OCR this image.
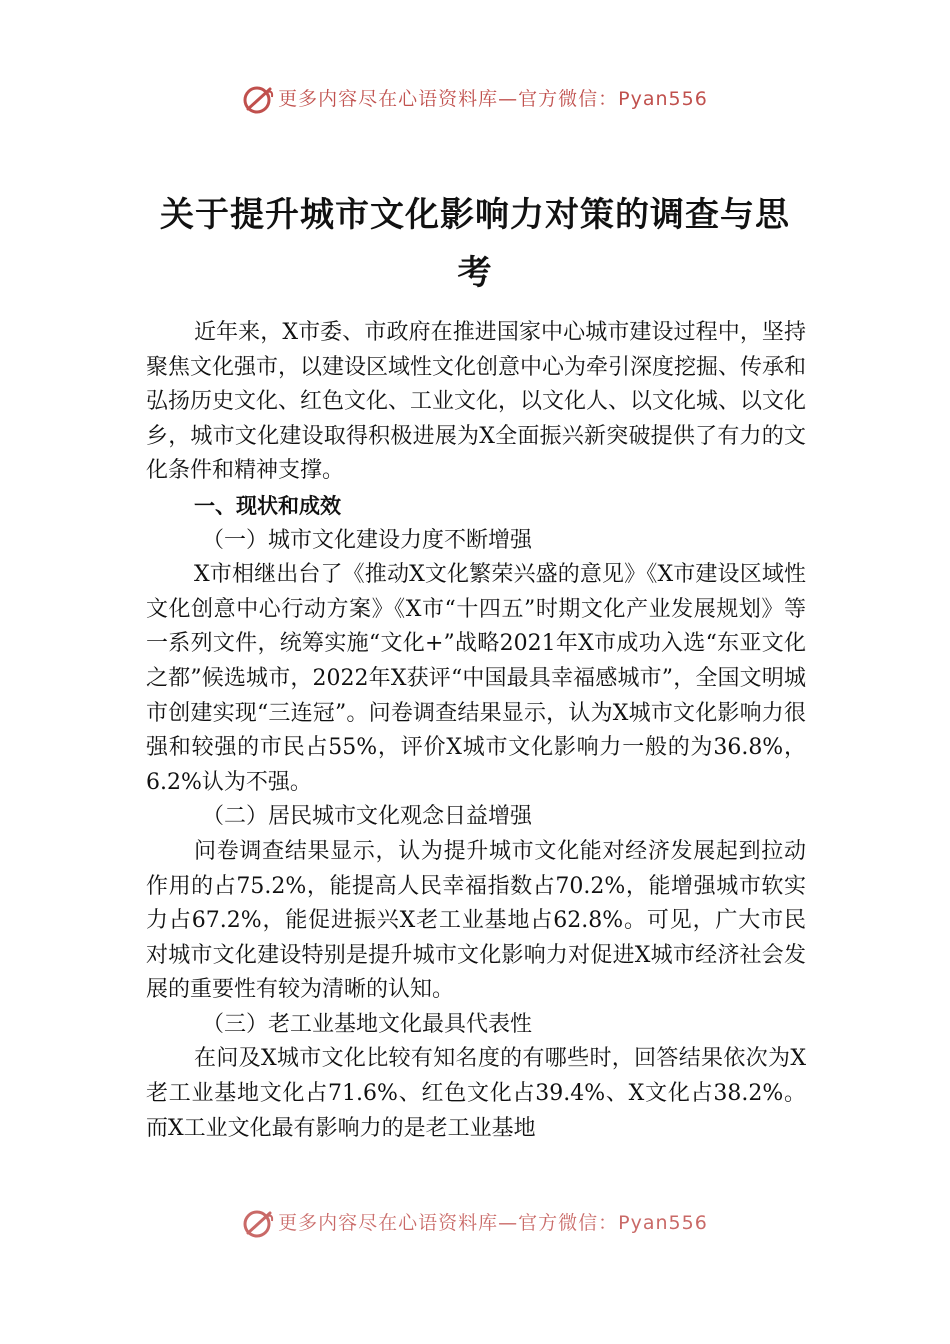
更多内容尽在心语资料库—官方微信：Pyan556
关于提升城市文化影响力对策的调查与思考

近年来，X市委、市政府在推进国家中心城市建设过程中，坚持聚焦文化强市，以建设区域性文化创意中心为牵引深度挖掘、传承和弘扬历史文化、红色文化、工业文化，以文化人、以文化城、以文化乡，城市文化建设取得积极进展为X全面振兴新突破提供了有力的文化条件和精神支撑。

一、现状和成效

（一）城市文化建设力度不断增强

X市相继出台了《推动X文化繁荣兴盛的意见》《X市建设区域性文化创意中心行动方案》《X市“十四五”时期文化产业发展规划》等一系列文件，统筹实施“文化+”战略2021年X市成功入选“东亚文化之都”候选城市，2022年X获评“中国最具幸福感城市”，全国文明城市创建实现“三连冠”。问卷调查结果显示，认为X城市文化影响力很强和较强的市民占55%，评价X城市文化影响力一般的为36.8%，6.2%认为不强。

（二）居民城市文化观念日益增强

问卷调查结果显示，认为提升城市文化能对经济发展起到拉动作用的占75.2%，能提高人民幸福指数占70.2%，能增强城市软实力占67.2%，能促进振兴X老工业基地占62.8%。可见，广大市民对城市文化建设特别是提升城市文化影响力对促进X城市经济社会发展的重要性有较为清晰的认知。

（三）老工业基地文化最具代表性

在问及X城市文化比较有知名度的有哪些时，回答结果依次为X老工业基地文化占71.6%、红色文化占39.4%、X文化占38.2%。而X工业文化最有影响力的是老工业基地

更多内容尽在心语资料库—官方微信：Pyan556
